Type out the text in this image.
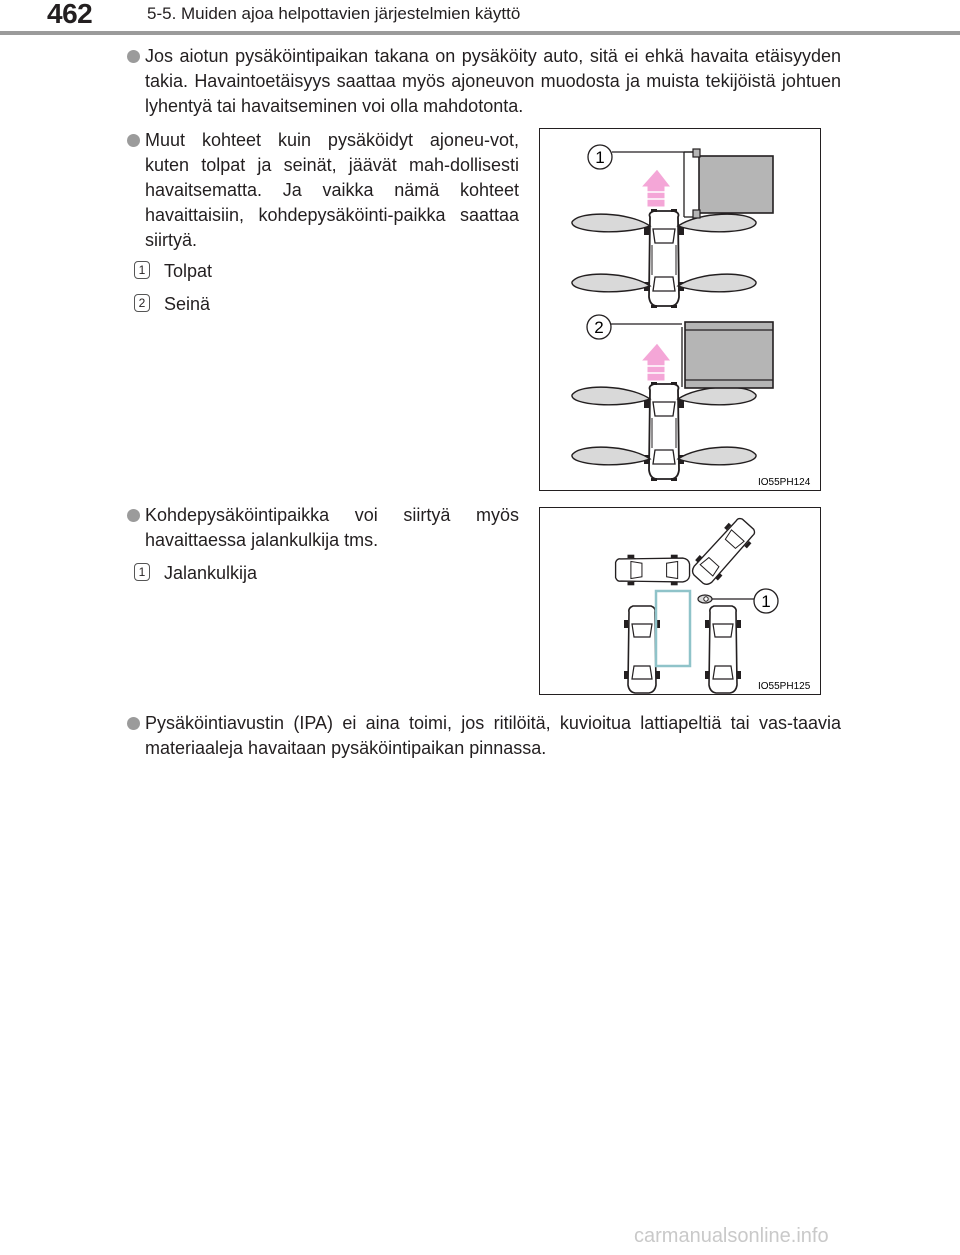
462	5-5. Muiden ajoa helpottavien järjestelmien käyttö
Jos aiotun pysäköintipaikan takana on pysäköity auto, sitä ei ehkä havaita etäisyyden takia. Havaintoetäisyys saattaa myös ajoneuvon muodosta ja muista tekijöistä johtuen lyhentyä tai havaitseminen voi olla mahdotonta.
Muut kohteet kuin pysäköidyt ajoneu-vot, kuten tolpat ja seinät, jäävät mah-dollisesti havaitsematta. Ja vaikka nämä kohteet havaittaisiin, kohdepysäköinti-paikka saattaa siirtyä.
1 Tolpat
2 Seinä
1
2
IO55PH124
Kohdepysäköintipaikka voi siirtyä myös havaittaessa jalankulkija tms.
1 Jalankulkija
1
IO55PH125
Pysäköintiavustin (IPA) ei aina toimi, jos ritilöitä, kuvioitua lattiapeltiä tai vas-taavia materiaaleja havaitaan pysäköintipaikan pinnassa.
carmanualsonline.info
